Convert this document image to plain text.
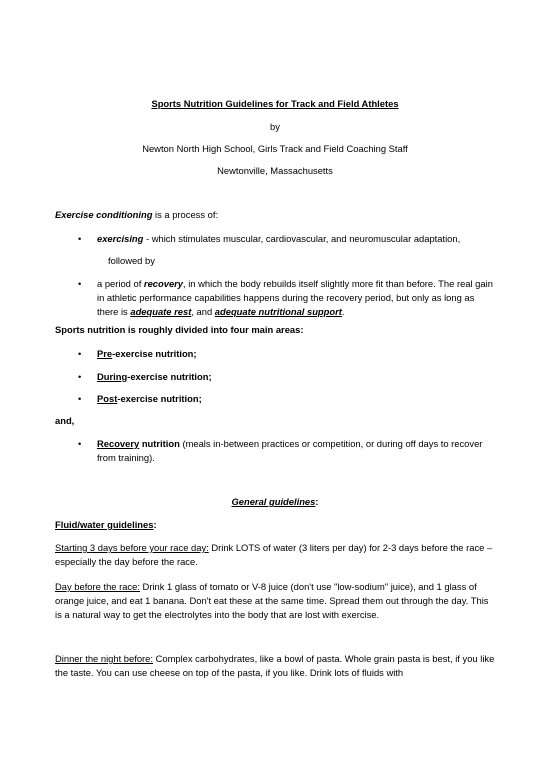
Sports Nutrition Guidelines for Track and Field Athletes
by
Newton North High School, Girls Track and Field Coaching Staff
Newtonville, Massachusetts
Exercise conditioning is a process of:
•	exercising - which stimulates muscular, cardiovascular, and neuromuscular adaptation,
followed by
•	a period of recovery, in which the body rebuilds itself slightly more fit than before. The real gain in athletic performance capabilities happens during the recovery period, but only as long as there is adequate rest, and adequate nutritional support.
Sports nutrition is roughly divided into four main areas:
•	Pre-exercise nutrition;
•	During-exercise nutrition;
•	Post-exercise nutrition;
and,
•	Recovery nutrition (meals in-between practices or competition, or during off days to recover from training).
General guidelines:
Fluid/water guidelines:
Starting 3 days before your race day: Drink LOTS of water (3 liters per day) for 2-3 days before the race – especially the day before the race.
Day before the race: Drink 1 glass of tomato or V-8 juice (don't use "low-sodium" juice), and 1 glass of orange juice, and eat 1 banana. Don't eat these at the same time. Spread them out through the day. This is a natural way to get the electrolytes into the body that are lost with exercise.
Dinner the night before: Complex carbohydrates, like a bowl of pasta. Whole grain pasta is best, if you like the taste. You can use cheese on top of the pasta, if you like. Drink lots of fluids with
